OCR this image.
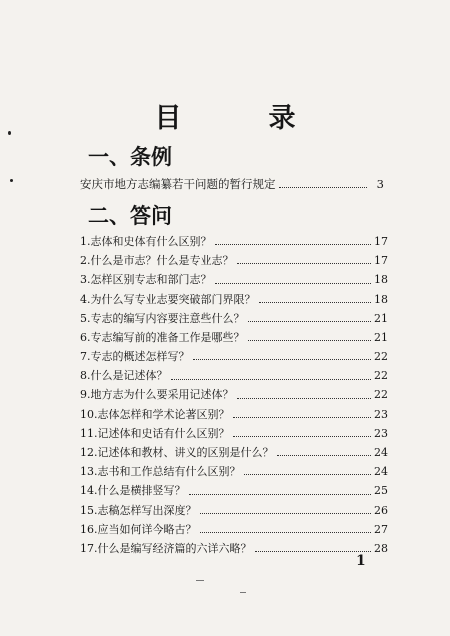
目　录
一、条例
安庆市地方志编纂若干问题的暂行规定	3
二、答问
1.志体和史体有什么区别？	17
2.什么是市志？什么是专业志？	17
3.怎样区别专志和部门志？	18
4.为什么写专业志要突破部门界限？	18
5.专志的编写内容要注意些什么？	21
6.专志编写前的准备工作是哪些？	21
7.专志的概述怎样写？	22
8.什么是记述体？	22
9.地方志为什么要采用记述体？	22
10.志体怎样和学术论著区别？	23
11.记述体和史话有什么区别？	23
12.记述体和教材、讲义的区别是什么？	24
13.志书和工作总结有什么区别？	24
14.什么是横排竖写？	25
15.志稿怎样写出深度？	26
16.应当如何详今略古？	27
17.什么是编写经济篇的六详六略？	28
1
